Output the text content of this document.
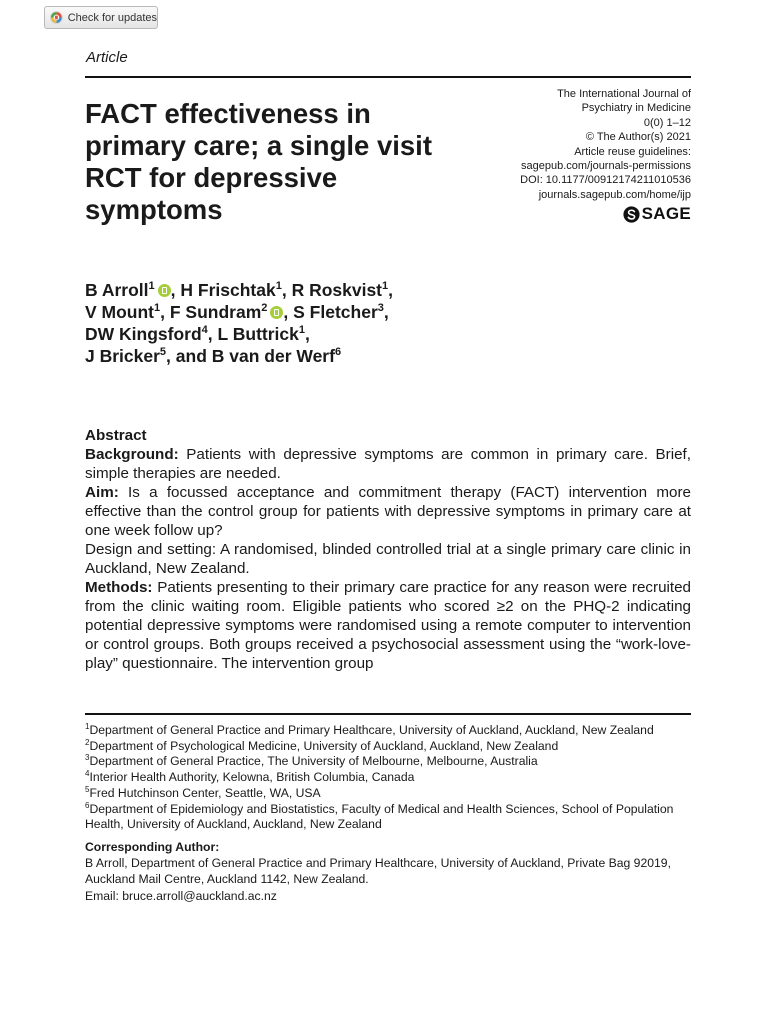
Check for updates
Article
FACT effectiveness in primary care; a single visit RCT for depressive symptoms
The International Journal of
Psychiatry in Medicine
0(0) 1–12
© The Author(s) 2021
Article reuse guidelines:
sagepub.com/journals-permissions
DOI: 10.1177/00912174211010536
journals.sagepub.com/home/ijp
SAGE
B Arroll$^1$ , H Frischtak$^1$, R Roskvist$^1$,
V Mount$^1$, F Sundram$^2$ , S Fletcher$^3$,
DW Kingsford$^4$, L Buttrick$^1$,
J Bricker$^5$, and B van der Werf$^6$

Abstract

Background: Patients with depressive symptoms are common in primary care. Brief, simple therapies are needed.

Aim: Is a focussed acceptance and commitment therapy (FACT) intervention more effective than the control group for patients with depressive symptoms in primary care at one week follow up?

Design and setting: A randomised, blinded controlled trial at a single primary care clinic in Auckland, New Zealand.

Methods: Patients presenting to their primary care practice for any reason were recruited from the clinic waiting room. Eligible patients who scored ≥2 on the PHQ-2 indicating potential depressive symptoms were randomised using a remote computer to intervention or control groups. Both groups received a psychosocial assessment using the “work-love-play” questionnaire. The intervention group

$^1$Department of General Practice and Primary Healthcare, University of Auckland, Auckland, New Zealand

$^2$Department of Psychological Medicine, University of Auckland, Auckland, New Zealand

$^3$Department of General Practice, The University of Melbourne, Melbourne, Australia

$^4$Interior Health Authority, Kelowna, British Columbia, Canada

$^5$Fred Hutchinson Center, Seattle, WA, USA

$^6$Department of Epidemiology and Biostatistics, Faculty of Medical and Health Sciences, School of Population Health, University of Auckland, Auckland, New Zealand

Corresponding Author:

B Arroll, Department of General Practice and Primary Healthcare, University of Auckland, Private Bag 92019, Auckland Mail Centre, Auckland 1142, New Zealand.

Email: bruce.arroll@auckland.ac.nz
